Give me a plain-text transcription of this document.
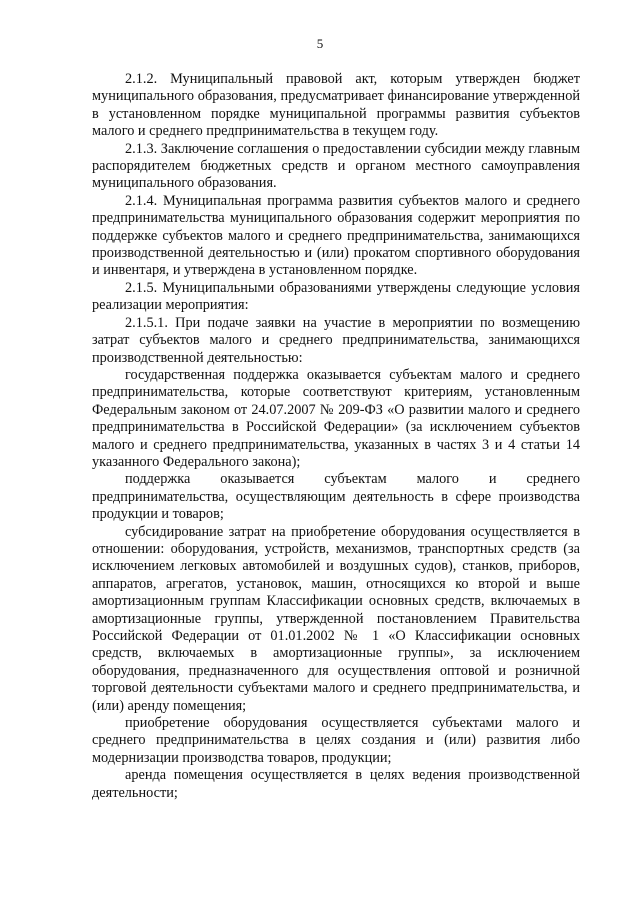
5

2.1.2. Муниципальный правовой акт, которым утвержден бюджет муниципального образования, предусматривает финансирование утвержденной в установленном порядке муниципальной программы развития субъектов малого и среднего предпринимательства в текущем году.

2.1.3. Заключение соглашения о предоставлении субсидии между главным распорядителем бюджетных средств и органом местного самоуправления муниципального образования.

2.1.4. Муниципальная программа развития субъектов малого и среднего предпринимательства муниципального образования содержит мероприятия по поддержке субъектов малого и среднего предпринимательства, занимающихся производственной деятельностью и (или) прокатом спортивного оборудования и инвентаря, и утверждена в установленном порядке.

2.1.5. Муниципальными образованиями утверждены следующие условия реализации мероприятия:

2.1.5.1. При подаче заявки на участие в мероприятии по возмещению затрат субъектов малого и среднего предпринимательства, занимающихся производственной деятельностью:

государственная поддержка оказывается субъектам малого и среднего предпринимательства, которые соответствуют критериям, установленным Федеральным законом от 24.07.2007 № 209-ФЗ «О развитии малого и среднего предпринимательства в Российской Федерации» (за исключением субъектов малого и среднего предпринимательства, указанных в частях 3 и 4 статьи 14 указанного Федерального закона);

поддержка оказывается субъектам малого и среднего предпринимательства, осуществляющим деятельность в сфере производства продукции и товаров;

субсидирование затрат на приобретение оборудования осуществляется в отношении: оборудования, устройств, механизмов, транспортных средств (за исключением легковых автомобилей и воздушных судов), станков, приборов, аппаратов, агрегатов, установок, машин, относящихся ко второй и выше амортизационным группам Классификации основных средств, включаемых в амортизационные группы, утвержденной постановлением Правительства Российской Федерации от 01.01.2002 № 1 «О Классификации основных средств, включаемых в амортизационные группы», за исключением оборудования, предназначенного для осуществления оптовой и розничной торговой деятельности субъектами малого и среднего предпринимательства, и (или) аренду помещения;

приобретение оборудования осуществляется субъектами малого и среднего предпринимательства в целях создания и (или) развития либо модернизации производства товаров, продукции;

аренда помещения осуществляется в целях ведения производственной деятельности;
